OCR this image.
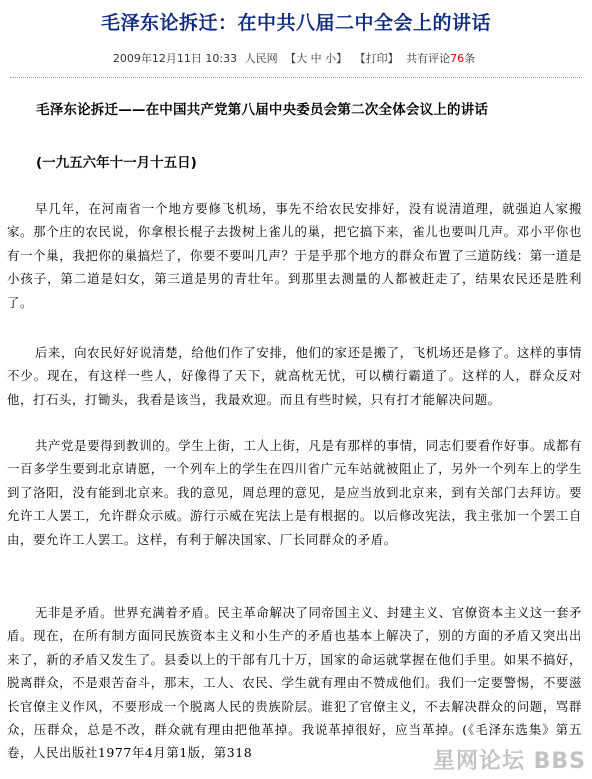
毛泽东论拆迁：在中共八届二中全会上的讲话
2009年12月11日 10:33 人民网 【大 中 小】 【打印】 共有评论76条
毛泽东论拆迁——在中国共产党第八届中央委员会第二次全体会议上的讲话
(一九五六年十一月十五日)
早几年，在河南省一个地方要修飞机场，事先不给农民安排好，没有说清道理，就强迫人家搬家。那个庄的农民说，你拿根长棍子去拨树上雀儿的巢，把它搞下来，雀儿也要叫几声。邓小平你也有一个巢，我把你的巢搞烂了，你要不要叫几声？于是乎那个地方的群众布置了三道防线：第一道是小孩子，第二道是妇女，第三道是男的青壮年。到那里去测量的人都被赶走了，结果农民还是胜利了。
后来，向农民好好说清楚，给他们作了安排，他们的家还是搬了，飞机场还是修了。这样的事情不少。现在，有这样一些人，好像得了天下，就高枕无忧，可以横行霸道了。这样的人，群众反对他，打石头，打锄头，我看是该当，我最欢迎。而且有些时候，只有打才能解决问题。
共产党是要得到教训的。学生上街，工人上街，凡是有那样的事情，同志们要看作好事。成都有一百多学生要到北京请愿，一个列车上的学生在四川省广元车站就被阻止了，另外一个列车上的学生到了洛阳，没有能到北京来。我的意见，周总理的意见，是应当放到北京来，到有关部门去拜访。要允许工人罢工，允许群众示威。游行示威在宪法上是有根据的。以后修改宪法，我主张加一个罢工自由，要允许工人罢工。这样，有利于解决国家、厂长同群众的矛盾。
无非是矛盾。世界充满着矛盾。民主革命解决了同帝国主义、封建主义、官僚资本主义这一套矛盾。现在，在所有制方面同民族资本主义和小生产的矛盾也基本上解决了，别的方面的矛盾又突出出来了，新的矛盾又发生了。县委以上的干部有几十万，国家的命运就掌握在他们手里。如果不搞好，脱离群众，不是艰苦奋斗，那末，工人、农民、学生就有理由不赞成他们。我们一定要警惕，不要滋长官僚主义作风，不要形成一个脱离人民的贵族阶层。谁犯了官僚主义，不去解决群众的问题，骂群众，压群众，总是不改，群众就有理由把他革掉。我说革掉很好，应当革掉。(《毛泽东选集》第五卷，人民出版社1977年4月第1版，第318	星网论坛 BBS
